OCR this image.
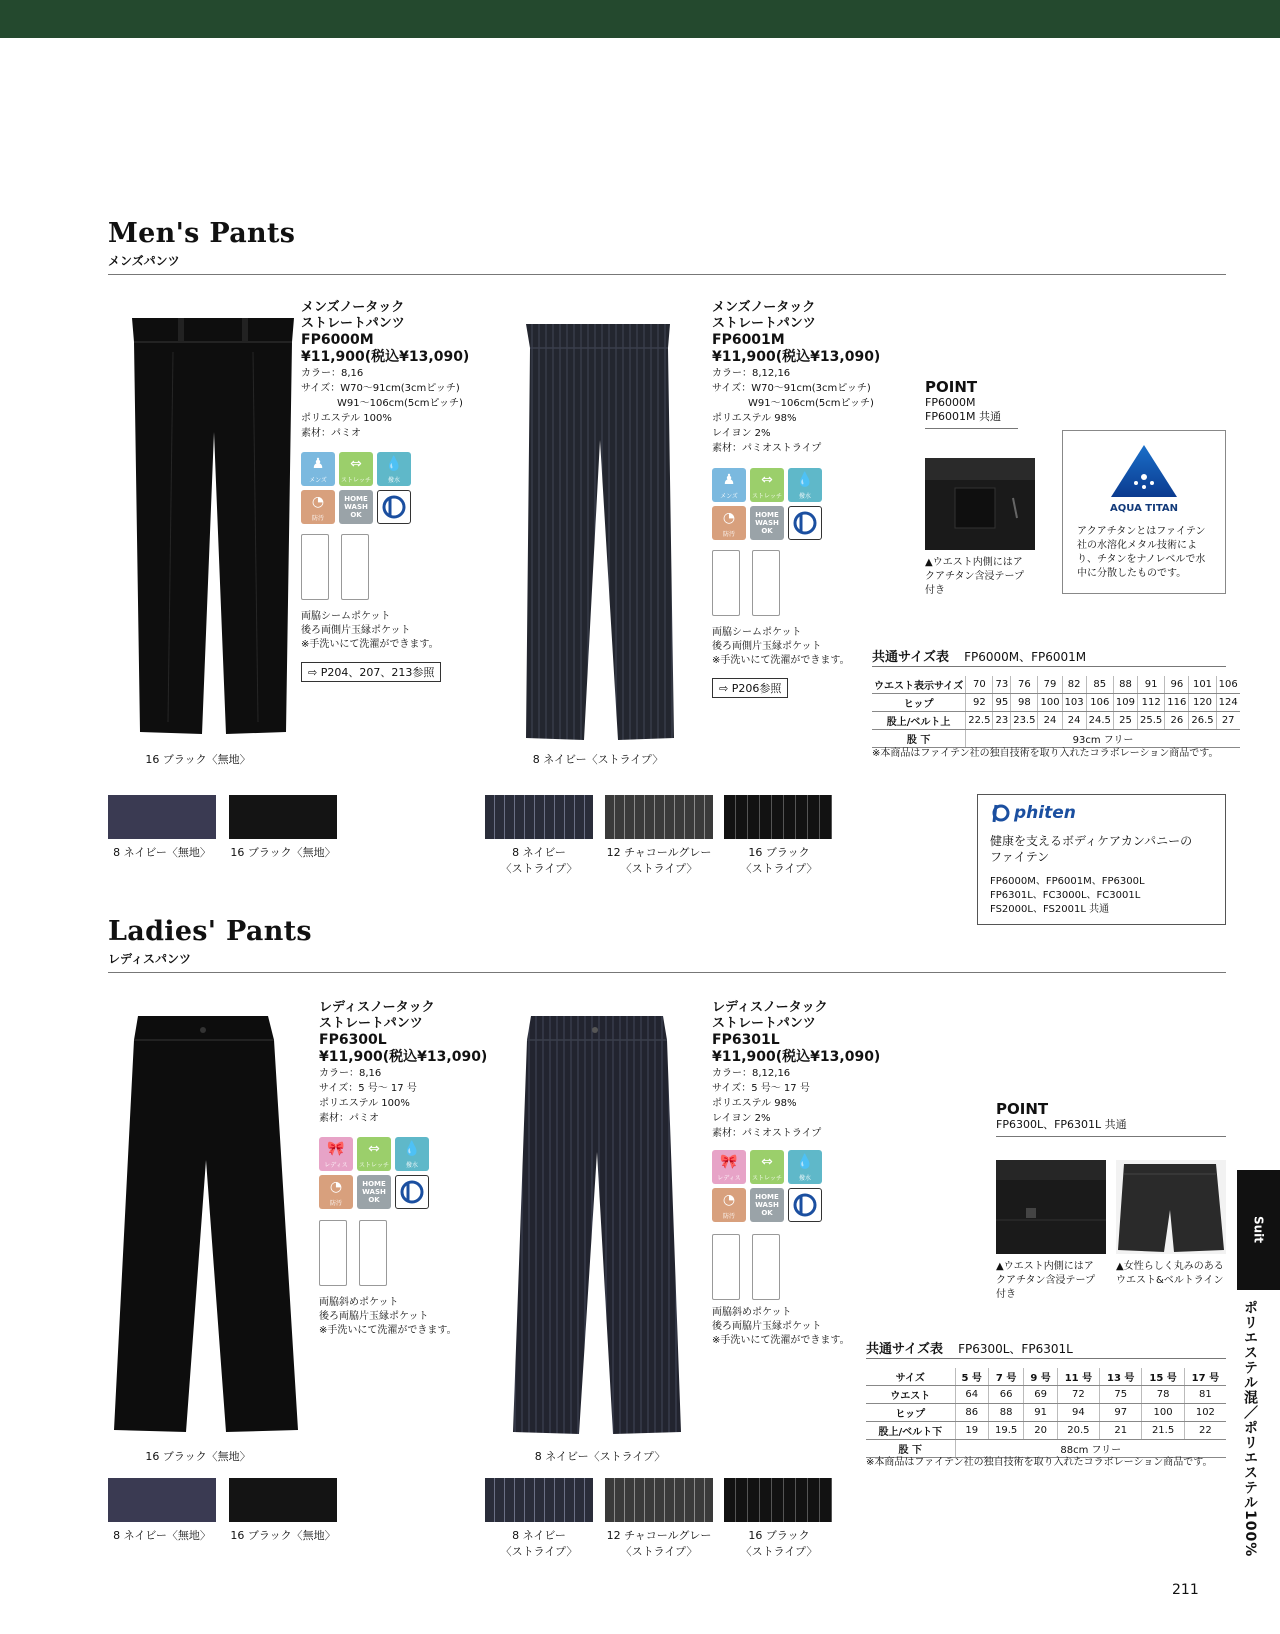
Men's Pants
メンズパンツ
16 ブラック〈無地〉
メンズノータック
ストレートパンツ
FP6000M
¥11,900(税込¥13,090)
カラー：8,16
サイズ：W70〜91cm(3cmピッチ)
W91〜106cm(5cmピッチ)
ポリエステル 100%
素材：パミオ
♟
メンズ
⇔
ストレッチ
💧
撥水
◔
防汚
HOME
WASH
OK
両脇シームポケット
後ろ両側片玉縁ポケット
※手洗いにて洗濯ができます。
⇨ P204、207、213参照
8 ネイビー〈無地〉	16 ブラック〈無地〉
8 ネイビー〈ストライプ〉
メンズノータック
ストレートパンツ
FP6001M
¥11,900(税込¥13,090)
カラー：8,12,16
サイズ：W70〜91cm(3cmピッチ)
W91〜106cm(5cmピッチ)
ポリエステル 98%
レイヨン 2%
素材：パミオストライプ
♟
メンズ
⇔
ストレッチ
💧
撥水
◔
防汚
HOME
WASH
OK
両脇シームポケット
後ろ両側片玉縁ポケット
※手洗いにて洗濯ができます。
⇨ P206参照
8 ネイビー
〈ストライプ〉
12 チャコールグレー
〈ストライプ〉
16 ブラック
〈ストライプ〉
POINT
FP6000M
FP6001M 共通
▲ウエスト内側にはア
クアチタン含浸テープ
付き
AQUA TITAN
アクアチタンとはファイテン
社の水溶化メタル技術によ
り、チタンをナノレベルで水
中に分散したものです。
共通サイズ表 FP6000M、FP6001M
ウエスト表示サイズ	70	73	76	79	82	85	88	91	96	101	106
ヒップ	92	95	98	100	103	106	109	112	116	120	124
股上/ベルト上	22.5	23	23.5	24	24	24.5	25	25.5	26	26.5	27
股 下	93cm フリー										
※本商品はファイテン社の独自技術を取り入れたコラボレーション商品です。
phiten
健康を支えるボディケアカンパニーの
ファイテン
FP6000M、FP6001M、FP6300L
FP6301L、FC3000L、FC3001L
FS2000L、FS2001L 共通
Ladies' Pants
レディスパンツ
16 ブラック〈無地〉
レディスノータック
ストレートパンツ
FP6300L
¥11,900(税込¥13,090)
カラー：8,16
サイズ：5 号〜 17 号
ポリエステル 100%
素材：パミオ
🎀
レディス
⇔
ストレッチ
💧
撥水
◔
防汚
HOME
WASH
OK
両脇斜めポケット
後ろ両脇片玉縁ポケット
※手洗いにて洗濯ができます。
8 ネイビー〈無地〉	16 ブラック〈無地〉
8 ネイビー〈ストライプ〉
レディスノータック
ストレートパンツ
FP6301L
¥11,900(税込¥13,090)
カラー：8,12,16
サイズ：5 号〜 17 号
ポリエステル 98%
レイヨン 2%
素材：パミオストライプ
🎀
レディス
⇔
ストレッチ
💧
撥水
◔
防汚
HOME
WASH
OK
両脇斜めポケット
後ろ両脇片玉縁ポケット
※手洗いにて洗濯ができます。
8 ネイビー
〈ストライプ〉
12 チャコールグレー
〈ストライプ〉
16 ブラック
〈ストライプ〉
POINT
FP6300L、FP6301L 共通
▲ウエスト内側にはア
クアチタン含浸テープ
付き
▲女性らしく丸みのある
ウエスト&ベルトライン
共通サイズ表 FP6300L、FP6301L
サイズ	5 号	7 号	9 号	11 号	13 号	15 号	17 号
ウエスト	64	66	69	72	75	78	81
ヒップ	86	88	91	94	97	100	102
股上/ベルト下	19	19.5	20	20.5	21	21.5	22
股 下	88cm フリー						
※本商品はファイテン社の独自技術を取り入れたコラボレーション商品です。
Suit
ポリエステル混／ポリエステル100%
211
